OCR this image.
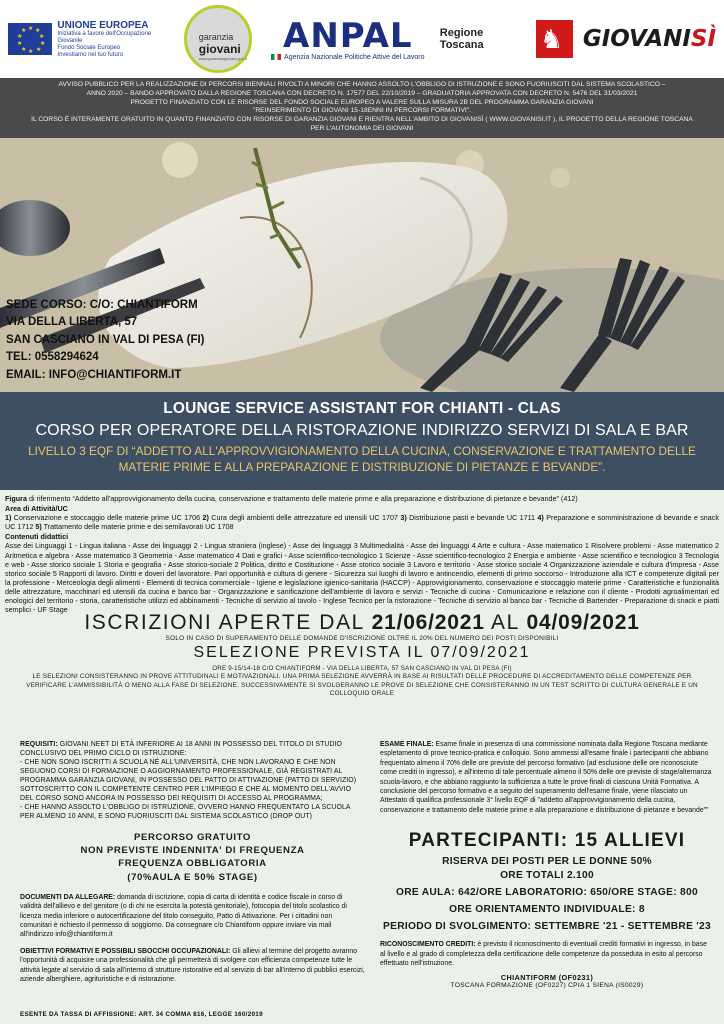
★ ★
★
★
★
★
★
★
★
★
UNIONE EUROPEA
Iniziativa a favore dell'Occupazione Giovanile
Fondo Sociale Europeo
Investiamo nel tuo futuro
garanzia
giovani
www.garanziagiovani.gov.it
ANPAL
Agenzia Nazionale Politiche Attive del Lavoro
Regione Toscana	♞ GIOVANISÌ
AVVISO PUBBLICO PER LA REALIZZAZIONE DI PERCORSI BIENNALI RIVOLTI A MINORI CHE HANNO ASSOLTO L'OBBLIGO DI ISTRUZIONE E SONO FUORIUSCITI DAL SISTEMA SCOLASTICO –
ANNO 2020 – BANDO APPROVATO DALLA REGIONE TOSCANA CON DECRETO N. 17577 DEL 22/10/2019 – GRADUATORIA APPROVATA CON DECRETO N. 5476 DEL 31/03/2021
PROGETTO FINANZIATO CON LE RISORSE DEL FONDO SOCIALE EUROPEO A VALERE SULLA MISURA 2B DEL PROGRAMMA GARANZIA GIOVANI
"REINSERIMENTO DI GIOVANI 15-18ENNI IN PERCORSI FORMATIVI".
IL CORSO È INTERAMENTE GRATUITO IN QUANTO FINANZIATO CON RISORSE DI GARANZIA GIOVANI E RIENTRA NELL'AMBITO DI GIOVANISÌ ( WWW.GIOVANISI.IT ), IL PROGETTO DELLA REGIONE TOSCANA
PER L'AUTONOMIA DEI GIOVANI
SEDE CORSO: C/O: CHIANTIFORM
VIA DELLA LIBERTA, 57
SAN CASCIANO IN VAL DI PESA (FI)
TEL: 0558294624
EMAIL: INFO@CHIANTIFORM.IT
LOUNGE SERVICE ASSISTANT FOR CHIANTI - CLAS
CORSO PER OPERATORE DELLA RISTORAZIONE INDIRIZZO SERVIZI DI SALA E BAR
LIVELLO 3 EQF DI “ADDETTO ALL'APPROVVIGIONAMENTO DELLA CUCINA, CONSERVAZIONE E TRATTAMENTO DELLE MATERIE PRIME E ALLA PREPARAZIONE E DISTRIBUZIONE DI PIETANZE E BEVANDE”.
Figura di riferimento “Addetto all'approvvigionamento della cucina, conservazione e trattamento delle materie prime e alla preparazione e distribuzione di pietanze e bevande” (412)
Area di Attività/UC
1) Conservazione e stoccaggio delle materie prime UC 1706 2) Cura degli ambienti delle attrezzature ed utensili UC 1707 3) Distribuzione pasti e bevande UC 1711 4) Preparazione e somministrazione di bevande e snack UC 1712 5) Trattamento delle materie prime e dei semilavorati UC 1708
Contenuti didattici
Asse dei Linguaggi 1 - Lingua italiana - Asse dei linguaggi 2 - Lingua straniera (inglese) - Asse dei linguaggi 3 Multimedialità - Asse dei linguaggi 4 Arte e cultura - Asse matematico 1 Risolvere problemi - Asse matematico 2 Aritmetica e algebra - Asse matematico 3 Geometria - Asse matematico 4 Dati e grafici - Asse scientifico-tecnologico 1 Scienze - Asse scientifico-tecnologico 2 Energia e ambiente - Asse scientifico e tecnologico 3 Tecnologia e web - Asse storico sociale 1 Storia e geografia - Asse storico-sociale 2 Politica, diritto e Costituzione - Asse storico sociale 3 Lavoro e territorio - Asse storico sociale 4 Organizzazione aziendale e cultura d'impresa - Asse storico sociale 5 Rapporti di lavoro. Diritti e doveri del lavoratore. Pari opportunità e cultura di genere - Sicurezza sui luoghi di lavoro e antincendio, elementi di primo soccorso - Introduzione alla ICT e competenze digitali per la professione - Merceologia degli alimenti - Elementi di tecnica commerciale - Igiene e legislazione igienico-sanitaria (HACCP) - Approvvigionamento, conservazione e stoccaggio materie prime - Caratteristiche e funzionalità delle attrezzature, macchinari ed utensili da cucina e banco bar - Organizzazione e sanificazione dell'ambiente di lavoro e servizi - Tecniche di cucina - Comunicazione e relazione con il cliente - Prodotti agroalimentari ed enologici del territorio - storia, caratteristiche utilizzi ed abbinamenti - Tecniche di servizio al tavolo - Inglese Tecnico per la ristorazione - Tecniche di servizio al banco bar - Tecniche di Bartender - Preparazione di snack e piatti semplici - UF Stage
ISCRIZIONI APERTE DAL 21/06/2021 AL 04/09/2021
SOLO IN CASO DI SUPERAMENTO DELLE DOMANDE D'ISCRIZIONE OLTRE IL 20% DEL NUMERO DEI POSTI DISPONIBILI
SELEZIONE PREVISTA IL 07/09/2021
ORE 9-15/14-18 C/O CHIANTIFORM - VIA DELLA LIBERTA, 57 SAN CASCIANO IN VAL DI PESA (FI)
LE SELEZIONI CONSISTERANNO IN PROVE ATTITUDINALI E MOTIVAZIONALI. UNA PRIMA SELEZIONE AVVERRÀ IN BASE AI RISULTATI DELLE PROCEDURE DI ACCREDITAMENTO DELLE COMPETENZE PER VERIFICARE L'AMMISSIBILITÀ O MENO ALLA FASE DI SELEZIONE. SUCCESSIVAMENTE SI SVOLGERANNO LE PROVE DI SELEZIONE CHE CONSISTERANNO IN UN TEST SCRITTO DI CULTURA GENERALE E UN COLLOQUIO ORALE
REQUISITI: GIOVANI NEET DI ETÀ INFERIORE AI 18 ANNI IN POSSESSO DEL TITOLO DI STUDIO CONCLUSIVO DEL PRIMO CICLO DI ISTRUZIONE:
- CHE NON SONO ISCRITTI A SCUOLA NÉ ALL'UNIVERSITÀ, CHE NON LAVORANO E CHE NON SEGUONO CORSI DI FORMAZIONE O AGGIORNAMENTO PROFESSIONALE, GIÀ REGISTRATI AL PROGRAMMA GARANZIA GIOVANI, IN POSSESSO DEL PATTO DI ATTIVAZIONE (PATTO DI SERVIZIO) SOTTOSCRITTO CON IL COMPETENTE CENTRO PER L'IMPIEGO E CHE AL MOMENTO DELL'AVVIO DEL CORSO SONO ANCORA IN POSSESSO DEI REQUISITI DI ACCESSO AL PROGRAMMA;
- CHE HANNO ASSOLTO L'OBBLIGO DI ISTRUZIONE, OVVERO HANNO FREQUENTATO LA SCUOLA PER ALMENO 10 ANNI, E SONO FUORIUSCITI DAL SISTEMA SCOLASTICO (DROP OUT)
PERCORSO GRATUITO
NON PREVISTE INDENNITA' DI FREQUENZA
FREQUENZA OBBLIGATORIA
(70%AULA E 50% STAGE)
DOCUMENTI DA ALLEGARE: domanda di iscrizione, copia di carta di identità e codice fiscale in corso di validità dell'allievo e del genitore (o di chi ne esercita la potestà genitoriale), fotocopia del titolo scolastico di licenza media inferiore o autocertificazione del titolo conseguito, Patto di Attivazione. Per i cittadini non comunitari è richiesto il permesso di soggiorno. Da consegnare c/o Chiantiform oppure inviare via mail all'indirizzo info@chiantiform.it
OBIETTIVI FORMATIVI E POSSIBILI SBOCCHI OCCUPAZIONALI: Gli allievi al termine del progetto avranno l'opportunità di acquisire una professionalità che gli permetterà di svolgere con efficienza competenze tutte le attività legate al servizio di sala all'interno di strutture ristorative ed al servizio di bar all'interno di pubblici esercizi, aziende alberghiere, agrituristiche e di ristorazione.
ESAME FINALE: Esame finale in presenza di una commissione nominata dalla Regione Toscana mediante espletamento di prove tecnico-pratica e colloquio. Sono ammessi all'esame finale i partecipanti che abbiano frequentato almeno il 70% delle ore previste del percorso formativo (ad esclusione delle ore riconosciute come crediti in ingresso), e all'interno di tale percentuale almeno il 50% delle ore previste di stage/alternanza scuola-lavoro, e che abbiano raggiunto la sufficienza a tutte le prove finali di ciascuna Unità Formativa. A conclusione del percorso formativo e a seguito del superamento dell'esame finale, viene rilasciato un Attestato di qualifica professionale 3° livello EQF di "addetto all'approvvigionamento della cucina, conservazione e trattamento delle materie prime e alla preparazione e distribuzione di pietanze e bevande"”
PARTECIPANTI: 15 ALLIEVI
RISERVA DEI POSTI PER LE DONNE 50%
ORE TOTALI 2.100
ORE AULA: 642/ORE LABORATORIO: 650/ORE STAGE: 800
ORE ORIENTAMENTO INDIVIDUALE: 8
PERIODO DI SVOLGIMENTO: SETTEMBRE '21 - SETTEMBRE '23
RICONOSCIMENTO CREDITI: è previsto il riconoscimento di eventuali crediti formativi in ingresso, in base al livello e al grado di completezza della certificazione delle competenze da posseduta in esito al percorso effettuato nell'istruzione.
CHIANTIFORM (OF0231)
TOSCANA FORMAZIONE (OF0227) CPIA 1 SIENA (IS0029)
ESENTE DA TASSA DI AFFISSIONE: ART. 34 COMMA 816, LEGGE 160/2019
